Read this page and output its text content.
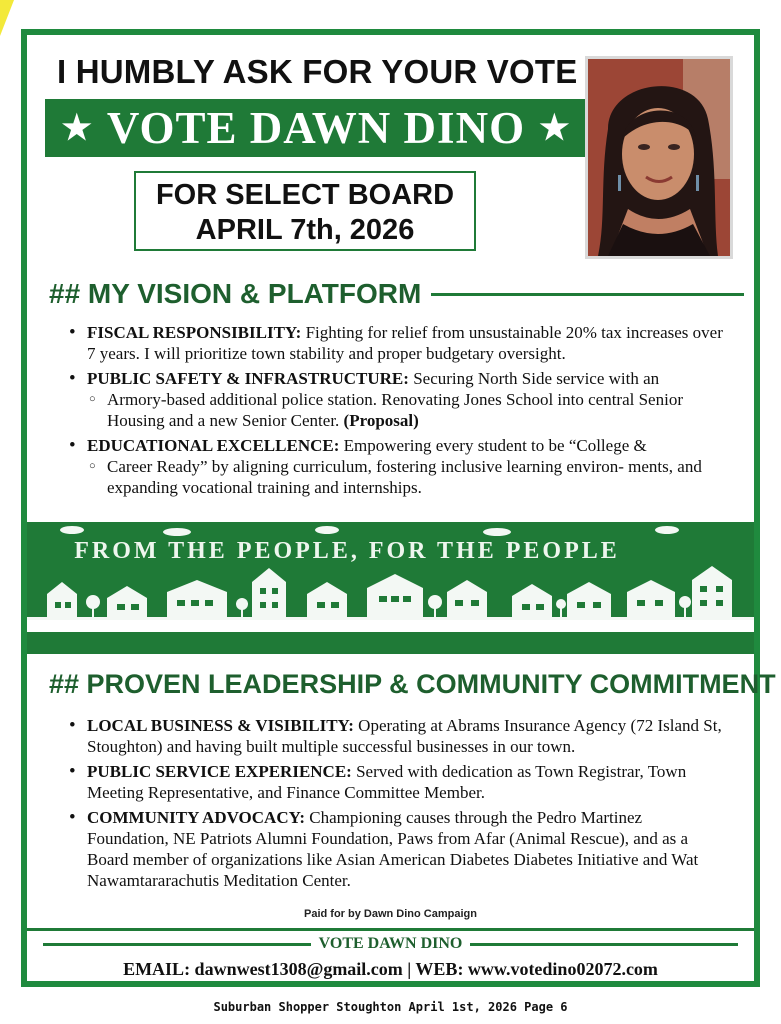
I HUMBLY ASK FOR YOUR VOTE
★ VOTE DAWN DINO ★
FOR SELECT BOARD
APRIL 7th, 2026
## MY VISION & PLATFORM
• FISCAL RESPONSIBILITY: Fighting for relief from unsustainable 20% tax increases over 7 years. I will prioritize town stability and proper budgetary oversight.
• PUBLIC SAFETY & INFRASTRUCTURE: Securing North Side service with an
○ Armory-based additional police station. Renovating Jones School into central Senior Housing and a new Senior Center. (Proposal)
• EDUCATIONAL EXCELLENCE: Empowering every student to be “College &
○ Career Ready” by aligning curriculum, fostering inclusive learning environ- ments, and expanding vocational training and internships.
FROM THE PEOPLE, FOR THE PEOPLE
## PROVEN LEADERSHIP & COMMUNITY COMMITMENT
• LOCAL BUSINESS & VISIBILITY: Operating at Abrams Insurance Agency (72 Island St, Stoughton) and having built multiple successful businesses in our town.
• PUBLIC SERVICE EXPERIENCE: Served with dedication as Town Registrar, Town Meeting Representative, and Finance Committee Member.
• COMMUNITY ADVOCACY: Championing causes through the Pedro Martinez Foundation, NE Patriots Alumni Foundation, Paws from Afar (Animal Rescue), and as a Board member of organizations like Asian American Diabetes Diabetes Initiative and Wat Nawamtararachutis Meditation Center.
Paid for by Dawn Dino Campaign
VOTE DAWN DINO
EMAIL: dawnwest1308@gmail.com | WEB: www.votedino02072.com
Suburban Shopper Stoughton April 1st, 2026 Page 6
